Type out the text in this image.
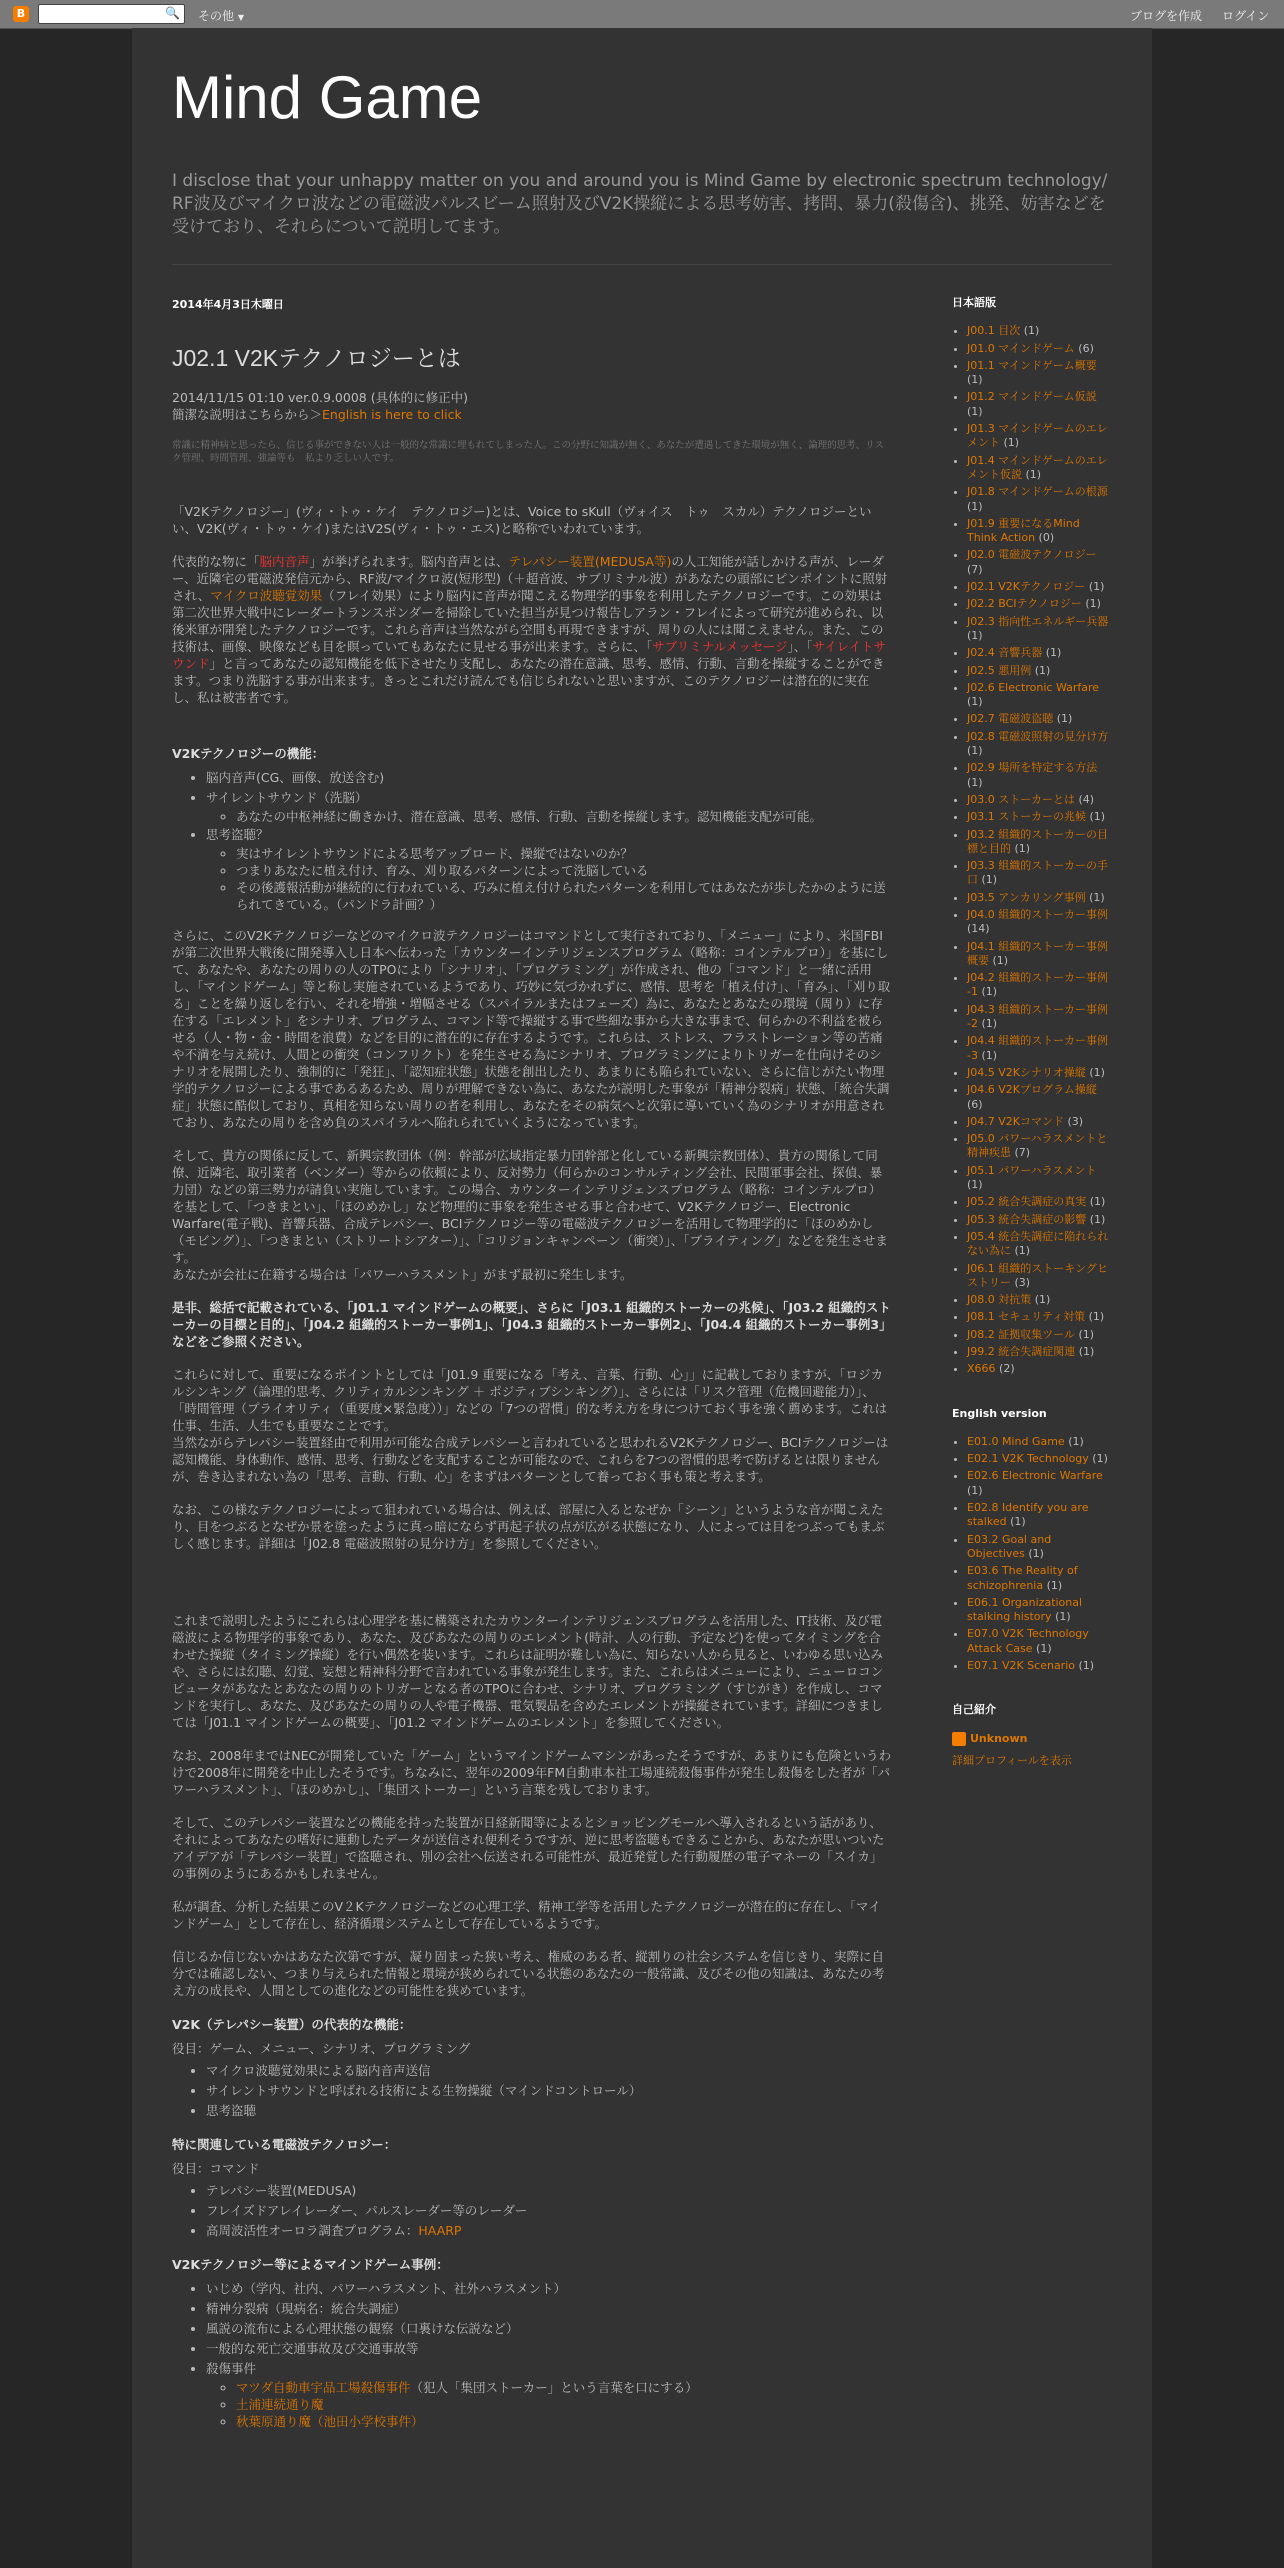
B	🔍 その他 ▼	ブログを作成 ログイン
Mind Game
I disclose that your unhappy matter on you and around you is Mind Game by electronic spectrum technology/ RF波及びマイクロ波などの電磁波パルスビーム照射及びV2K操縦による思考妨害、拷問、暴力(殺傷含)、挑発、妨害などを受けており、それらについて説明してます。
2014年4月3日木曜日
J02.1 V2Kテクノロジーとは

2014/11/15 01:10 ver.0.9.0008 (具体的に修正中)
簡潔な説明はこちらから＞English is here to click

常識に精神病と思ったら、信じる事ができない人は一般的な常識に埋もれてしまった人。この分野に知識が無く、あなたが遭遇してきた環境が無く、論理的思考、リスク管理、時間管理、強論等も　私より乏しい人です。

「V2Kテクノロジー」(ヴィ・トゥ・ケイ　テクノロジー)とは、Voice to sKull（ヴォイス　トゥ　スカル）テクノロジーといい、V2K(ヴィ・トゥ・ケイ)またはV2S(ヴィ・トゥ・エス)と略称でいわれています。

代表的な物に「脳内音声」が挙げられます。脳内音声とは、テレパシー装置(MEDUSA等)の人工知能が話しかける声が、レーダー、近隣宅の電磁波発信元から、RF波/マイクロ波(短形型)（＋超音波、サブリミナル波）があなたの頭部にピンポイントに照射され、マイクロ波聴覚効果（フレイ効果）により脳内に音声が聞こえる物理学的事象を利用したテクノロジーです。この効果は第二次世界大戦中にレーダートランスポンダーを掃除していた担当が見つけ報告しアラン・フレイによって研究が進められ、以後米軍が開発したテクノロジーです。これら音声は当然ながら空間も再現できますが、周りの人には聞こえません。また、この技術は、画像、映像なども目を瞑っていてもあなたに見せる事が出来ます。さらに、「サブリミナルメッセージ」、「サイレイトサウンド」と言ってあなたの認知機能を低下させたり支配し、あなたの潜在意識、思考、感情、行動、言動を操縦することができます。つまり洗脳する事が出来ます。きっとこれだけ読んでも信じられないと思いますが、このテクノロジーは潜在的に実在し、私は被害者です。

V2Kテクノロジーの機能：
• 脳内音声(CG、画像、放送含む)
• サイレントサウンド（洗脳）
◦ あなたの中枢神経に働きかけ、潜在意識、思考、感情、行動、言動を操縦します。認知機能支配が可能。
• 思考盗聴？
◦ 実はサイレントサウンドによる思考アップロード、操縦ではないのか？
◦ つまりあなたに植え付け、育み、刈り取るパターンによって洗脳している
◦ その後護報活動が継続的に行われている、巧みに植え付けられたパターンを利用してはあなたが歩したかのように送られてきている。（パンドラ計画？）

さらに、このV2Kテクノロジーなどのマイクロ波テクノロジーはコマンドとして実行されており、「メニュー」により、米国FBIが第二次世界大戦後に開発導入し日本へ伝わった「カウンターインテリジェンスプログラム（略称：コインテルプロ）」を基にして、あなたや、あなたの周りの人のTPOにより「シナリオ」、「プログラミング」が作成され、他の「コマンド」と一緒に活用し、「マインドゲーム」等と称し実施されているようであり、巧妙に気づかれずに、感情、思考を「植え付け」、「育み」、「刈り取る」ことを繰り返しを行い、それを増強・増幅させる（スパイラルまたはフェーズ）為に、あなたとあなたの環境（周り）に存在する「エレメント」をシナリオ、プログラム、コマンド等で操縦する事で些細な事から大きな事まで、何らかの不利益を被らせる（人・物・金・時間を浪費）などを目的に潜在的に存在するようです。これらは、ストレス、フラストレーション等の苦痛や不満を与え続け、人間との衝突（コンフリクト）を発生させる為にシナリオ、プログラミングによりトリガーを仕向けそのシナリオを展開したり、強制的に「発狂」、「認知症状態」状態を創出したり、あまりにも陥られていない、さらに信じがたい物理学的テクノロジーによる事であるあるため、周りが理解できない為に、あなたが説明した事象が「精神分裂病」状態、「統合失調症」状態に酷似しており、真相を知らない周りの者を利用し、あなたをその病気へと次第に導いていく為のシナリオが用意されており、あなたの周りを含め負のスパイラルへ陥れられていくようになっています。

そして、貴方の関係に反して、新興宗教団体（例：幹部が広域指定暴力団幹部と化している新興宗教団体）、貴方の関係して同僚、近隣宅、取引業者（ベンダー）等からの依頼により、反対勢力（何らかのコンサルティング会社、民間軍事会社、探偵、暴力団）などの第三勢力が請負い実施しています。この場合、カウンターインテリジェンスプログラム（略称：コインテルプロ）を基として、「つきまとい」、「ほのめかし」など物理的に事象を発生させる事と合わせて、V2Kテクノロジー、Electronic Warfare(電子戦)、音響兵器、合成テレパシー、BCIテクノロジー等の電磁波テクノロジーを活用して物理学的に「ほのめかし（モビング）」、「つきまとい（ストリートシアター）」、「コリジョンキャンペーン（衝突）」、「ブライティング」などを発生させます。
あなたが会社に在籍する場合は「パワーハラスメント」がまず最初に発生します。

是非、総括で記載されている、「J01.1 マインドゲームの概要」、さらに「J03.1 組織的ストーカーの兆候」、「J03.2 組織的ストーカーの目標と目的」、「J04.2 組織的ストーカー事例1」、「J04.3 組織的ストーカー事例2」、「J04.4 組織的ストーカー事例3」などをご参照ください。

これらに対して、重要になるポイントとしては「J01.9 重要になる「考え、言葉、行動、心」」に記載しておりますが、「ロジカルシンキング（論理的思考、クリティカルシンキング ＋ ポジティブシンキング）」、さらには「リスク管理（危機回避能力）」、「時間管理（プライオリティ（重要度×緊急度））」などの「7つの習慣」的な考え方を身につけておく事を強く薦めます。これは仕事、生活、人生でも重要なことです。
当然ながらテレパシー装置経由で利用が可能な合成テレパシーと言われていると思われるV2Kテクノロジー、BCIテクノロジーは認知機能、身体動作、感情、思考、行動などを支配することが可能なので、これらを7つの習慣的思考で防げるとは限りませんが、巻き込まれない為の「思考、言動、行動、心」をまずはパターンとして養っておく事も策と考えます。

なお、この様なテクノロジーによって狙われている場合は、例えば、部屋に入るとなぜか「シーン」というような音が聞こえたり、目をつぶるとなぜか景を塗ったように真っ暗にならず再起子状の点が広がる状態になり、人によっては目をつぶってもまぶしく感じます。詳細は「J02.8 電磁波照射の見分け方」を参照してください。

これまで説明したようにこれらは心理学を基に構築されたカウンターインテリジェンスプログラムを活用した、IT技術、及び電磁波による物理学的事象であり、あなた、及びあなたの周りのエレメント(時計、人の行動、予定など)を使ってタイミングを合わせた操縦（タイミング操縦）を行い偶然を装います。これらは証明が難しい為に、知らない人から見ると、いわゆる思い込みや、さらには幻聴、幻覚、妄想と精神科分野で言われている事象が発生します。また、これらはメニューにより、ニューロコンピュータがあなたとあなたの周りのトリガーとなる者のTPOに合わせ、シナリオ、プログラミング（すじがき）を作成し、コマンドを実行し、あなた、及びあなたの周りの人や電子機器、電気製品を含めたエレメントが操縦されています。詳細につきましては「J01.1 マインドゲームの概要」、「J01.2 マインドゲームのエレメント」を参照してください。

なお、2008年まではNECが開発していた「ゲーム」というマインドゲームマシンがあったそうですが、あまりにも危険というわけで2008年に開発を中止したそうです。ちなみに、翌年の2009年FM自動車本社工場連続殺傷事件が発生し殺傷をした者が「パワーハラスメント」、「ほのめかし」、「集団ストーカー」という言葉を残しております。

そして、このテレパシー装置などの機能を持った装置が日経新聞等によるとショッピングモールへ導入されるという話があり、それによってあなたの嗜好に連動したデータが送信され便利そうですが、逆に思考盗聴もできることから、あなたが思いついたアイデアが「テレパシー装置」で盗聴され、別の会社へ伝送される可能性が、最近発覚した行動履歴の電子マネーの「スイカ」の事例のようにあるかもしれません。

私が調査、分析した結果このV２Kテクノロジーなどの心理工学、精神工学等を活用したテクノロジーが潜在的に存在し、「マインドゲーム」として存在し、経済循環システムとして存在しているようです。

信じるか信じないかはあなた次第ですが、凝り固まった狭い考え、権威のある者、縦割りの社会システムを信じきり、実際に自分では確認しない、つまり与えられた情報と環境が狭められている状態のあなたの一般常識、及びその他の知識は、あなたの考え方の成長や、人間としての進化などの可能性を狭めています。

V2K（テレパシー装置）の代表的な機能：
役目：ゲーム、メニュー、シナリオ、プログラミング
• マイクロ波聴覚効果による脳内音声送信
• サイレントサウンドと呼ばれる技術による生物操縦（マインドコントロール）
• 思考盗聴
特に関連している電磁波テクノロジー：
役目：コマンド
• テレパシー装置(MEDUSA)
• フレイズドアレイレーダー、パルスレーダー等のレーダー
• 高周波活性オーロラ調査プログラム：HAARP
V2Kテクノロジー等によるマインドゲーム事例：
• いじめ（学内、社内、パワーハラスメント、社外ハラスメント）
• 精神分裂病（現病名：統合失調症）
• 風説の流布による心理状態の観察（口裏けな伝説など）
• 一般的な死亡交通事故及び交通事故等
• 殺傷事件
◦ マツダ自動車宇品工場殺傷事件（犯人「集団ストーカー」という言葉を口にする）
◦ 土浦連続通り魔
◦ 秋葉原通り魔（池田小学校事件）
日本語版
• J00.1 目次 (1)
• J01.0 マインドゲーム (6)
• J01.1 マインドゲーム概要 (1)
• J01.2 マインドゲーム仮説 (1)
• J01.3 マインドゲームのエレメント (1)
• J01.4 マインドゲームのエレメント仮説 (1)
• J01.8 マインドゲームの根源 (1)
• J01.9 重要になるMind Think Action (0)
• J02.0 電磁波テクノロジー (7)
• J02.1 V2Kテクノロジー (1)
• J02.2 BCIテクノロジー (1)
• J02.3 指向性エネルギー兵器 (1)
• J02.4 音響兵器 (1)
• J02.5 悪用例 (1)
• J02.6 Electronic Warfare (1)
• J02.7 電磁波盗聴 (1)
• J02.8 電磁波照射の見分け方 (1)
• J02.9 場所を特定する方法 (1)
• J03.0 ストーカーとは (4)
• J03.1 ストーカーの兆候 (1)
• J03.2 組織的ストーカーの目標と目的 (1)
• J03.3 組織的ストーカーの手口 (1)
• J03.5 アンカリング事例 (1)
• J04.0 組織的ストーカー事例 (14)
• J04.1 組織的ストーカー事例概要 (1)
• J04.2 組織的ストーカー事例 -1 (1)
• J04.3 組織的ストーカー事例 -2 (1)
• J04.4 組織的ストーカー事例 -3 (1)
• J04.5 V2Kシナリオ操縦 (1)
• J04.6 V2Kプログラム操縦 (6)
• J04.7 V2Kコマンド (3)
• J05.0 パワーハラスメントと精神疾患 (7)
• J05.1 パワーハラスメント (1)
• J05.2 統合失調症の真実 (1)
• J05.3 統合失調症の影響 (1)
• J05.4 統合失調症に陥れられない為に (1)
• J06.1 組織的ストーキングヒストリー (3)
• J08.0 対抗策 (1)
• J08.1 セキュリティ対策 (1)
• J08.2 証拠収集ツール (1)
• J99.2 統合失調症関連 (1)
• X666 (2)
English version
• E01.0 Mind Game (1)
• E02.1 V2K Technology (1)
• E02.6 Electronic Warfare (1)
• E02.8 Identify you are stalked (1)
• E03.2 Goal and Objectives (1)
• E03.6 The Reality of schizophrenia (1)
• E06.1 Organizational stalking history (1)
• E07.0 V2K Technology Attack Case (1)
• E07.1 V2K Scenario (1)
自己紹介
Unknown
詳細プロフィールを表示
